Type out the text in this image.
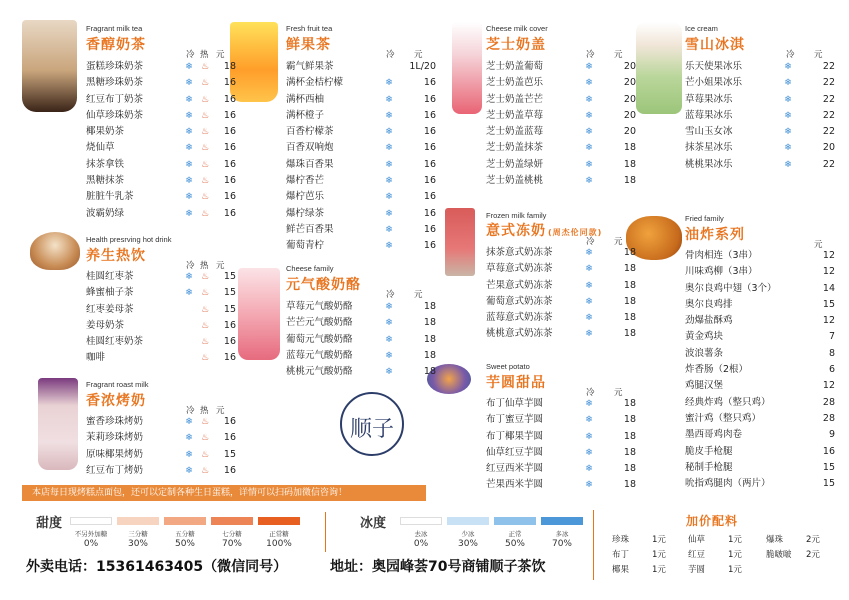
顺子
Fragrant milk tea
香醇奶茶
冷 热 元
蛋糕珍珠奶茶	❄ ♨	18
黑糖珍珠奶茶	❄ ♨	16
红豆布丁奶茶	❄ ♨	16
仙草珍珠奶茶	❄ ♨	16
椰果奶茶	❄ ♨	16
烧仙草	❄ ♨	16
抹茶拿铁	❄ ♨	16
黑糖抹茶	❄ ♨	16
脏脏牛乳茶	❄ ♨	16
波霸奶绿	❄ ♨	16
Health presrving hot drink
养生热饮
冷 热 元
桂圆红枣茶	❄ ♨	15
蜂蜜柚子茶	❄ ♨	15
红枣姜母茶	♨	15
姜母奶茶	♨	16
桂圆红枣奶茶	♨	16
咖啡	♨	16
Fragrant roast milk
香浓烤奶
冷 热 元
蜜香珍珠烤奶	❄ ♨	16
茉莉珍珠烤奶	❄ ♨	16
原味椰果烤奶	❄ ♨	15
红豆布丁烤奶	❄ ♨	16
Fresh fruit tea
鲜果茶
冷 元
霸气鲜果茶	1L/20
满杯金桔柠檬	❄	16
满杯西柚	❄	16
满杯橙子	❄	16
百香柠檬茶	❄	16
百香双响炮	❄	16
爆珠百香果	❄	16
爆柠香芒	❄	16
爆柠芭乐	❄	16
爆柠绿茶	❄	16
鲜芒百香果	❄	16
葡萄青柠	❄	16
Cheese family
元气酸奶酪
冷 元
草莓元气酸奶酪	❄	18
芒芒元气酸奶酪	❄	18
葡萄元气酸奶酪	❄	18
蓝莓元气酸奶酪	❄	18
桃桃元气酸奶酪	❄	18
Cheese milk cover
芝士奶盖
冷 元
芝士奶盖葡萄	❄	20
芝士奶盖芭乐	❄	20
芝士奶盖芒芒	❄	20
芝士奶盖草莓	❄	20
芝士奶盖蓝莓	❄	20
芝士奶盖抹茶	❄	18
芝士奶盖绿妍	❄	18
芝士奶盖桃桃	❄	18
Frozen milk family
意式冻奶 (周杰伦同款)
冷 元
抹茶意式奶冻茶	❄	18
草莓意式奶冻茶	❄	18
芒果意式奶冻茶	❄	18
葡萄意式奶冻茶	❄	18
蓝莓意式奶冻茶	❄	18
桃桃意式奶冻茶	❄	18
Sweet potato
芋圆甜品
冷 元
布丁仙草芋圆	❄	18
布丁蜜豆芋圆	❄	18
布丁椰果芋圆	❄	18
仙草红豆芋圆	❄	18
红豆西米芋圆	❄	18
芒果西米芋圆	❄	18
Ice cream
雪山冰淇
冷 元
乐天使果冰乐	❄	22
芒小姐果冰乐	❄	22
草莓果冰乐	❄	22
蓝莓果冰乐	❄	22
雪山玉女冰	❄	22
抹茶星冰乐	❄	20
桃桃果冰乐	❄	22
Fried family
油炸系列
元
骨肉相连（3串）	12
川味鸡柳（3串）	12
奥尔良鸡中翅（3个）	14
奥尔良鸡排	15
劲爆盐酥鸡	12
黄金鸡块	7
波浪薯条	8
炸香肠（2根）	6
鸡腿汉堡	12
经典炸鸡（整只鸡）	28
蜜汁鸡（整只鸡）	28
墨西哥鸡肉卷	9
脆皮手枪腿	16
秘制手枪腿	15
吮指鸡腿肉（两片）	15
本店每日现烤糕点面包，还可以定制各种生日蛋糕，详情可以扫码加微信咨询！
甜度
不另外加糖
0%
三分糖
30%
五分糖
50%
七分糖
70%
正常糖
100%
冰度
去冰
0%
少冰
30%
正常
50%
多冰
70%
加价配料
珍珠	1元	仙草	1元	爆珠	2元
布丁	1元	红豆	1元	脆啵啵 2元
椰果	1元	芋圆	1元
外卖电话：15361463405（微信同号）	地址：奥园峰荟70号商铺顺子茶饮
